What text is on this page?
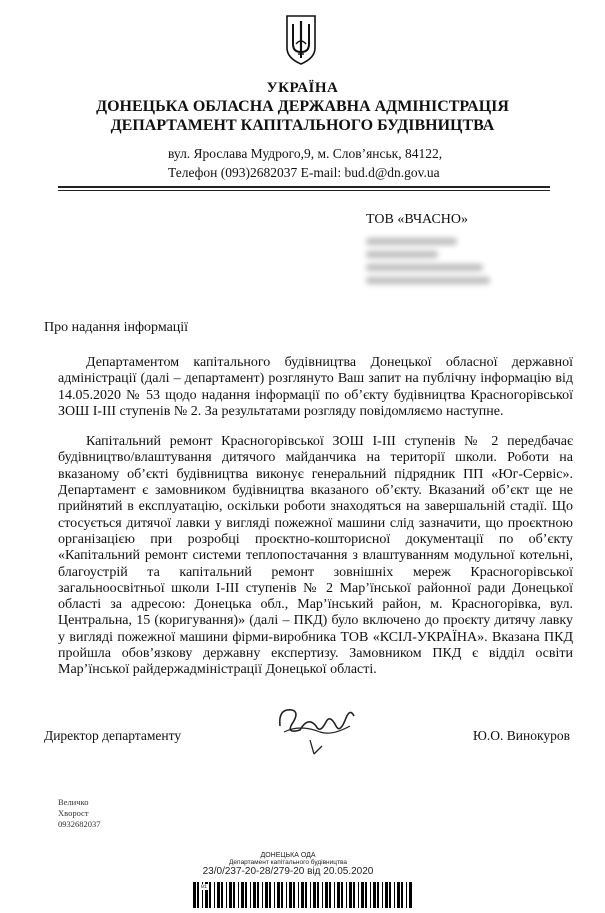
УКРАЇНА
ДОНЕЦЬКА ОБЛАСНА ДЕРЖАВНА АДМІНІСТРАЦІЯ
ДЕПАРТАМЕНТ КАПІТАЛЬНОГО БУДІВНИЦТВА
вул. Ярослава Мудрого,9, м. Слов’янськ, 84122,
Телефон (093)2682037 E-mail: bud.d@dn.gov.ua
ТОВ «ВЧАСНО»
Про надання інформації

Департаментом капітального будівництва Донецької обласної державної адміністрації (далі – департамент) розглянуто Ваш запит на публічну інформацію від 14.05.2020 № 53 щодо надання інформації по об’єкту будівництва Красногорівської ЗОШ І-ІІІ ступенів № 2. За результатами розгляду повідомляємо наступне.

Капітальний ремонт Красногорівської ЗОШ І-ІІІ ступенів № 2 передбачає будівництво/влаштування дитячого майданчика на території школи. Роботи на вказаному об’єкті будівництва виконує генеральний підрядник ПП «Юг-Сервіс». Департамент є замовником будівництва вказаного об’єкту. Вказаний об’єкт ще не прийнятий в експлуатацію, оскільки роботи знаходяться на завершальній стадії. Що стосується дитячої лавки у вигляді пожежної машини слід зазначити, що проєктною організацією при розробці проєктно-кошторисної документації по об’єкту «Капітальний ремонт системи теплопостачання з влаштуванням модульної котельні, благоустрій та капітальний ремонт зовнішніх мереж Красногорівської загальноосвітньої школи І-ІІІ ступенів № 2 Мар’їнської районної ради Донецької області за адресою: Донецька обл., Мар’їнський район, м. Красногорівка, вул. Центральна, 15 (коригування)» (далі – ПКД) було включено до проєкту дитячу лавку у вигляді пожежної машини фірми-виробника ТОВ «КСІЛ-УКРАЇНА». Вказана ПКД пройшла обов’язкову державну експертизу. Замовником ПКД є відділ освіти Мар’їнської райдержадміністрації Донецької області.

Директор департаменту	Ю.О. Винокуров
Величко
Хворост
0932682037
ДОНЕЦЬКА ОДА
Департамент капітального будівництва
23/0/237-20-28/279-20 від 20.05.2020
01
